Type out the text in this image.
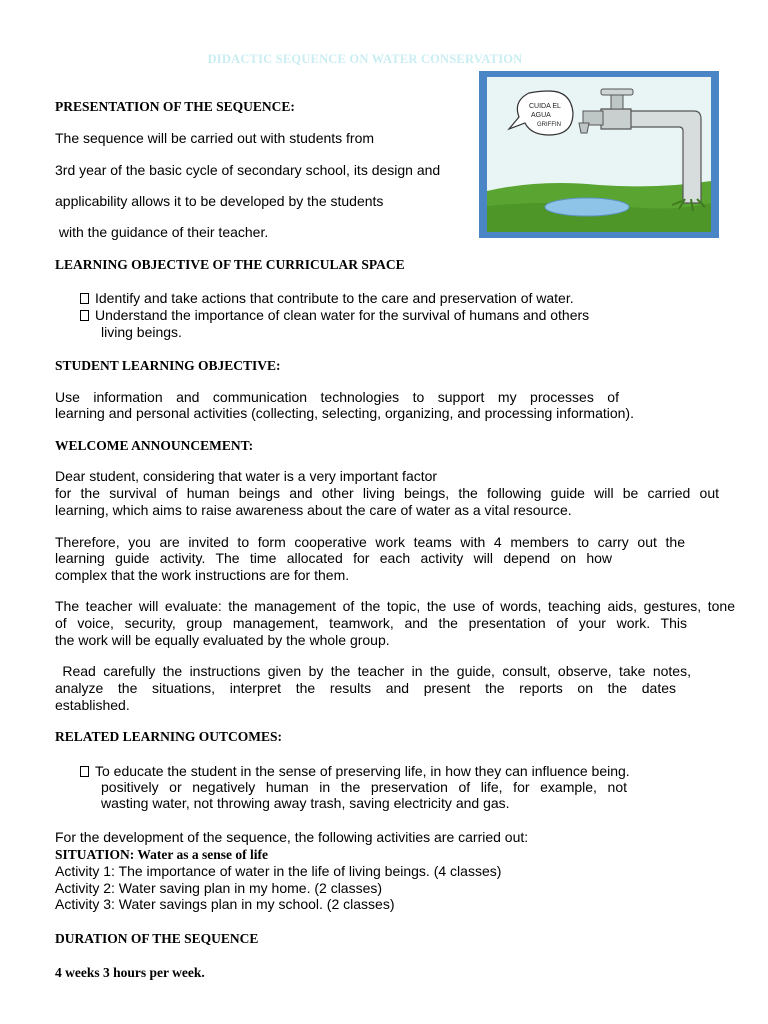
DIDACTIC SEQUENCE ON WATER CONSERVATION
PRESENTATION OF THE SEQUENCE:
The sequence will be carried out with students from
3rd year of the basic cycle of secondary school, its design and
applicability allows it to be developed by the students
with the guidance of their teacher.
CUIDA EL
AGUA
GRIFFIN
LEARNING OBJECTIVE OF THE CURRICULAR SPACE
Identify and take actions that contribute to the care and preservation of water.
Understand the importance of clean water for the survival of humans and others
living beings.
STUDENT LEARNING OBJECTIVE:
Use information and communication technologies to support my processes of
learning and personal activities (collecting, selecting, organizing, and processing information).
WELCOME ANNOUNCEMENT:
Dear student, considering that water is a very important factor
for the survival of human beings and other living beings, the following guide will be carried out
learning, which aims to raise awareness about the care of water as a vital resource.
Therefore, you are invited to form cooperative work teams with 4 members to carry out the
learning guide activity. The time allocated for each activity will depend on how
complex that the work instructions are for them.
The teacher will evaluate: the management of the topic, the use of words, teaching aids, gestures, tone
of voice, security, group management, teamwork, and the presentation of your work. This
the work will be equally evaluated by the whole group.
Read carefully the instructions given by the teacher in the guide, consult, observe, take notes,
analyze the situations, interpret the results and present the reports on the dates
established.
RELATED LEARNING OUTCOMES:
To educate the student in the sense of preserving life, in how they can influence being.
positively or negatively human in the preservation of life, for example, not
wasting water, not throwing away trash, saving electricity and gas.
For the development of the sequence, the following activities are carried out:
SITUATION: Water as a sense of life
Activity 1: The importance of water in the life of living beings. (4 classes)
Activity 2: Water saving plan in my home. (2 classes)
Activity 3: Water savings plan in my school. (2 classes)
DURATION OF THE SEQUENCE
4 weeks 3 hours per week.
